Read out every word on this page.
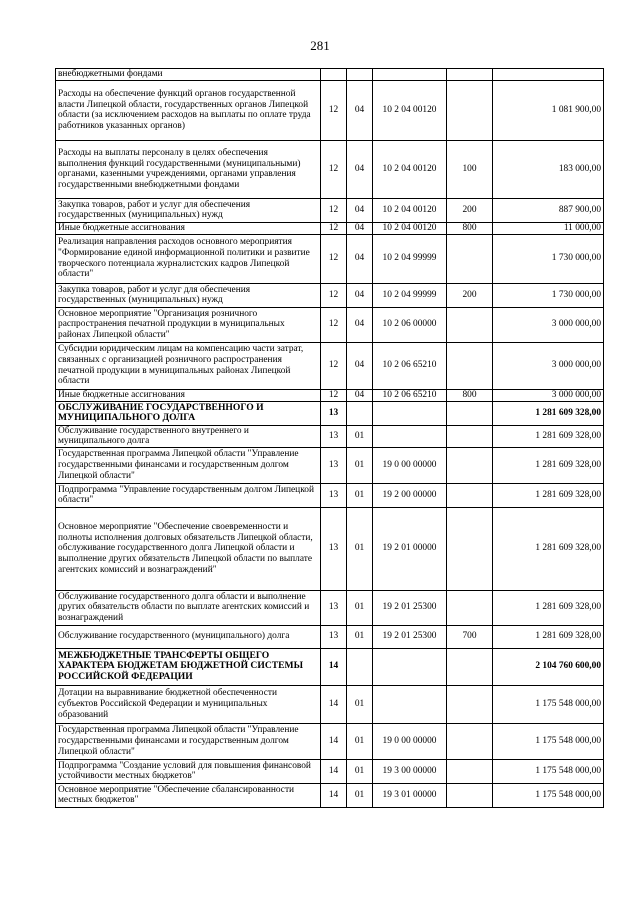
281
внебюджетными фондами					
Расходы на обеспечение функций органов государственной власти Липецкой области, государственных органов Липецкой области (за исключением расходов на выплаты по оплате труда работников указанных органов)	12	04	10 2 04 00120		1 081 900,00
Расходы на выплаты персоналу в целях обеспечения выполнения функций государственными (муниципальными) органами, казенными учреждениями, органами управления государственными внебюджетными фондами	12	04	10 2 04 00120	100	183 000,00
Закупка товаров, работ и услуг для обеспечения государственных (муниципальных) нужд	12	04	10 2 04 00120	200	887 900,00
Иные бюджетные ассигнования	12	04	10 2 04 00120	800	11 000,00
Реализация направления расходов основного мероприятия "Формирование единой информационной политики и развитие творческого потенциала журналистских кадров Липецкой области"	12	04	10 2 04 99999		1 730 000,00
Закупка товаров, работ и услуг для обеспечения государственных (муниципальных) нужд	12	04	10 2 04 99999	200	1 730 000,00
Основное мероприятие "Организация розничного распространения печатной продукции в муниципальных районах Липецкой области"	12	04	10 2 06 00000		3 000 000,00
Субсидии юридическим лицам на компенсацию части затрат, связанных с организацией розничного распространения печатной продукции в муниципальных районах Липецкой области	12	04	10 2 06 65210		3 000 000,00
Иные бюджетные ассигнования	12	04	10 2 06 65210	800	3 000 000,00
ОБСЛУЖИВАНИЕ ГОСУДАРСТВЕННОГО И МУНИЦИПАЛЬНОГО ДОЛГА	13				1 281 609 328,00
Обслуживание государственного внутреннего и муниципального долга	13	01			1 281 609 328,00
Государственная программа Липецкой области "Управление государственными финансами и государственным долгом Липецкой области"	13	01	19 0 00 00000		1 281 609 328,00
Подпрограмма "Управление государственным долгом Липецкой области"	13	01	19 2 00 00000		1 281 609 328,00
Основное мероприятие "Обеспечение своевременности и полноты исполнения долговых обязательств Липецкой области, обслуживание государственного долга Липецкой области и выполнение других обязательств Липецкой области по выплате агентских комиссий и вознаграждений"	13	01	19 2 01 00000		1 281 609 328,00
Обслуживание государственного долга области и выполнение других обязательств области по выплате агентских комиссий и вознаграждений	13	01	19 2 01 25300		1 281 609 328,00
Обслуживание государственного (муниципального) долга	13	01	19 2 01 25300	700	1 281 609 328,00
МЕЖБЮДЖЕТНЫЕ ТРАНСФЕРТЫ ОБЩЕГО ХАРАКТЕРА БЮДЖЕТАМ БЮДЖЕТНОЙ СИСТЕМЫ РОССИЙСКОЙ ФЕДЕРАЦИИ	14				2 104 760 600,00
Дотации на выравнивание бюджетной обеспеченности субъектов Российской Федерации и муниципальных образований	14	01			1 175 548 000,00
Государственная программа Липецкой области "Управление государственными финансами и государственным долгом Липецкой области"	14	01	19 0 00 00000		1 175 548 000,00
Подпрограмма "Создание условий для повышения финансовой устойчивости местных бюджетов"	14	01	19 3 00 00000		1 175 548 000,00
Основное мероприятие "Обеспечение сбалансированности местных бюджетов"	14	01	19 3 01 00000		1 175 548 000,00
